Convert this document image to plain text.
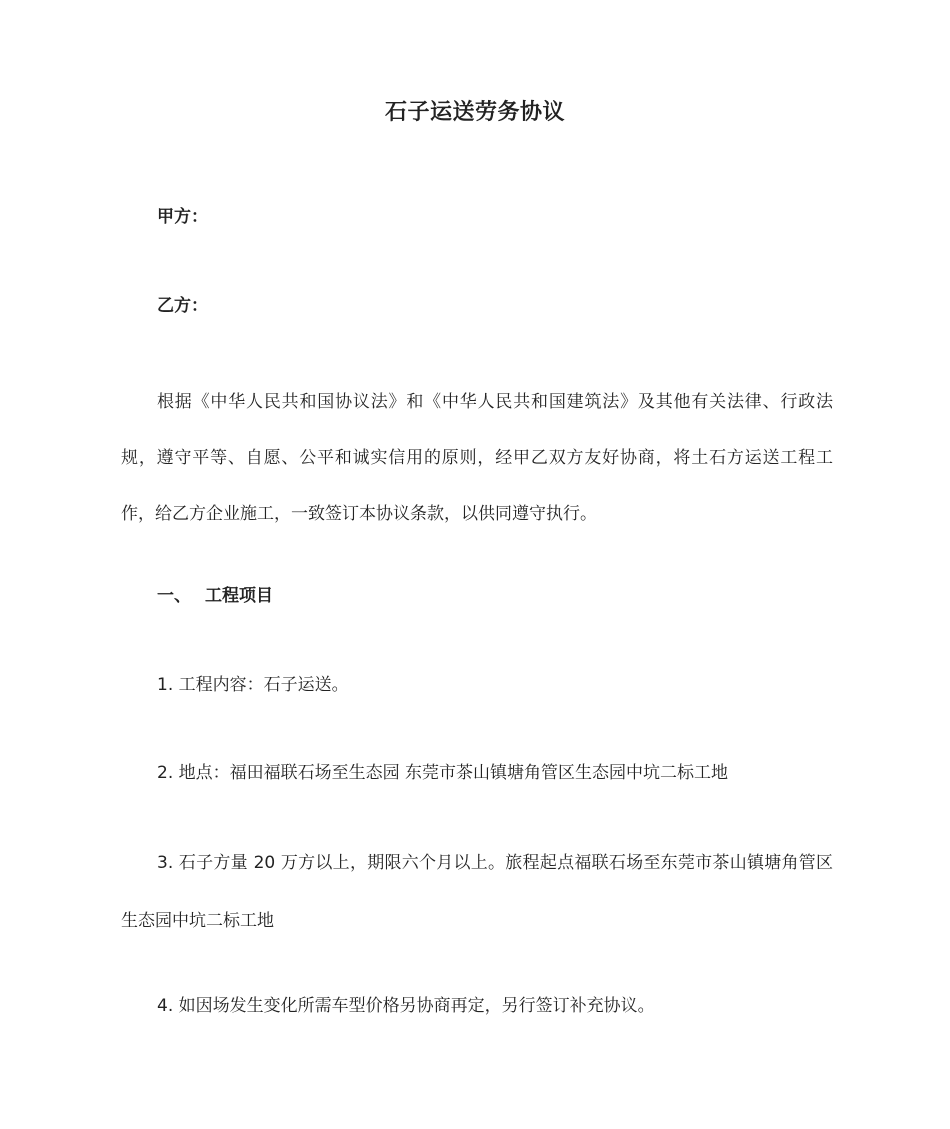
石子运送劳务协议
甲方：
乙方：

根据《中华人民共和国协议法》和《中华人民共和国建筑法》及其他有关法律、行政法规，遵守平等、自愿、公平和诚实信用的原则，经甲乙双方友好协商，将土石方运送工程工作，给乙方企业施工，一致签订本协议条款，以供同遵守执行。

一、 工程项目

1. 工程内容：石子运送。

2. 地点：福田福联石场至生态园 东莞市茶山镇塘角管区生态园中坑二标工地

3. 石子方量 20 万方以上，期限六个月以上。旅程起点福联石场至东莞市茶山镇塘角管区生态园中坑二标工地

4. 如因场发生变化所需车型价格另协商再定，另行签订补充协议。
